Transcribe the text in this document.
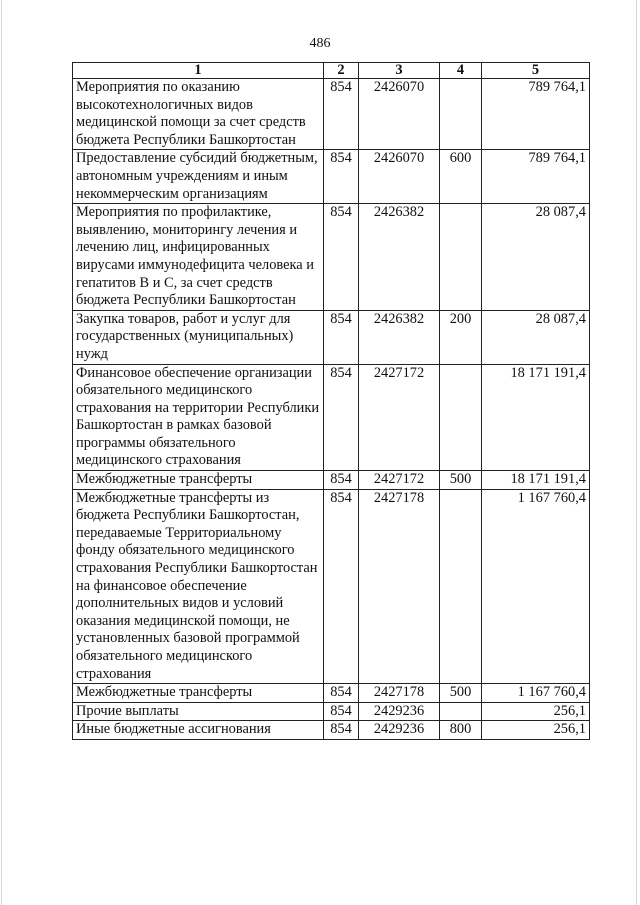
486
1	2	3	4	5
Мероприятия по оказанию высокотехнологичных видов медицинской помощи за счет средств бюджета Республики Башкортостан	854	2426070		789 764,1
Предоставление субсидий бюджетным, автономным учреждениям и иным некоммерческим организациям	854	2426070	600	789 764,1
Мероприятия по профилактике, выявлению, мониторингу лечения и лечению лиц, инфицированных вирусами иммунодефицита человека и гепатитов В и С, за счет средств бюджета Республики Башкортостан	854	2426382		28 087,4
Закупка товаров, работ и услуг для государственных (муниципальных) нужд	854	2426382	200	28 087,4
Финансовое обеспечение организации обязательного медицинского страхования на территории Республики Башкортостан в рамках базовой программы обязательного медицинского страхования	854	2427172		18 171 191,4
Межбюджетные трансферты	854	2427172	500	18 171 191,4
Межбюджетные трансферты из бюджета Республики Башкортостан, передаваемые Территориальному фонду обязательного медицинского страхования Республики Башкортостан на финансовое обеспечение дополнительных видов и условий оказания медицинской помощи, не установленных базовой программой обязательного медицинского страхования	854	2427178		1 167 760,4
Межбюджетные трансферты	854	2427178	500	1 167 760,4
Прочие выплаты	854	2429236		256,1
Иные бюджетные ассигнования	854	2429236	800	256,1
